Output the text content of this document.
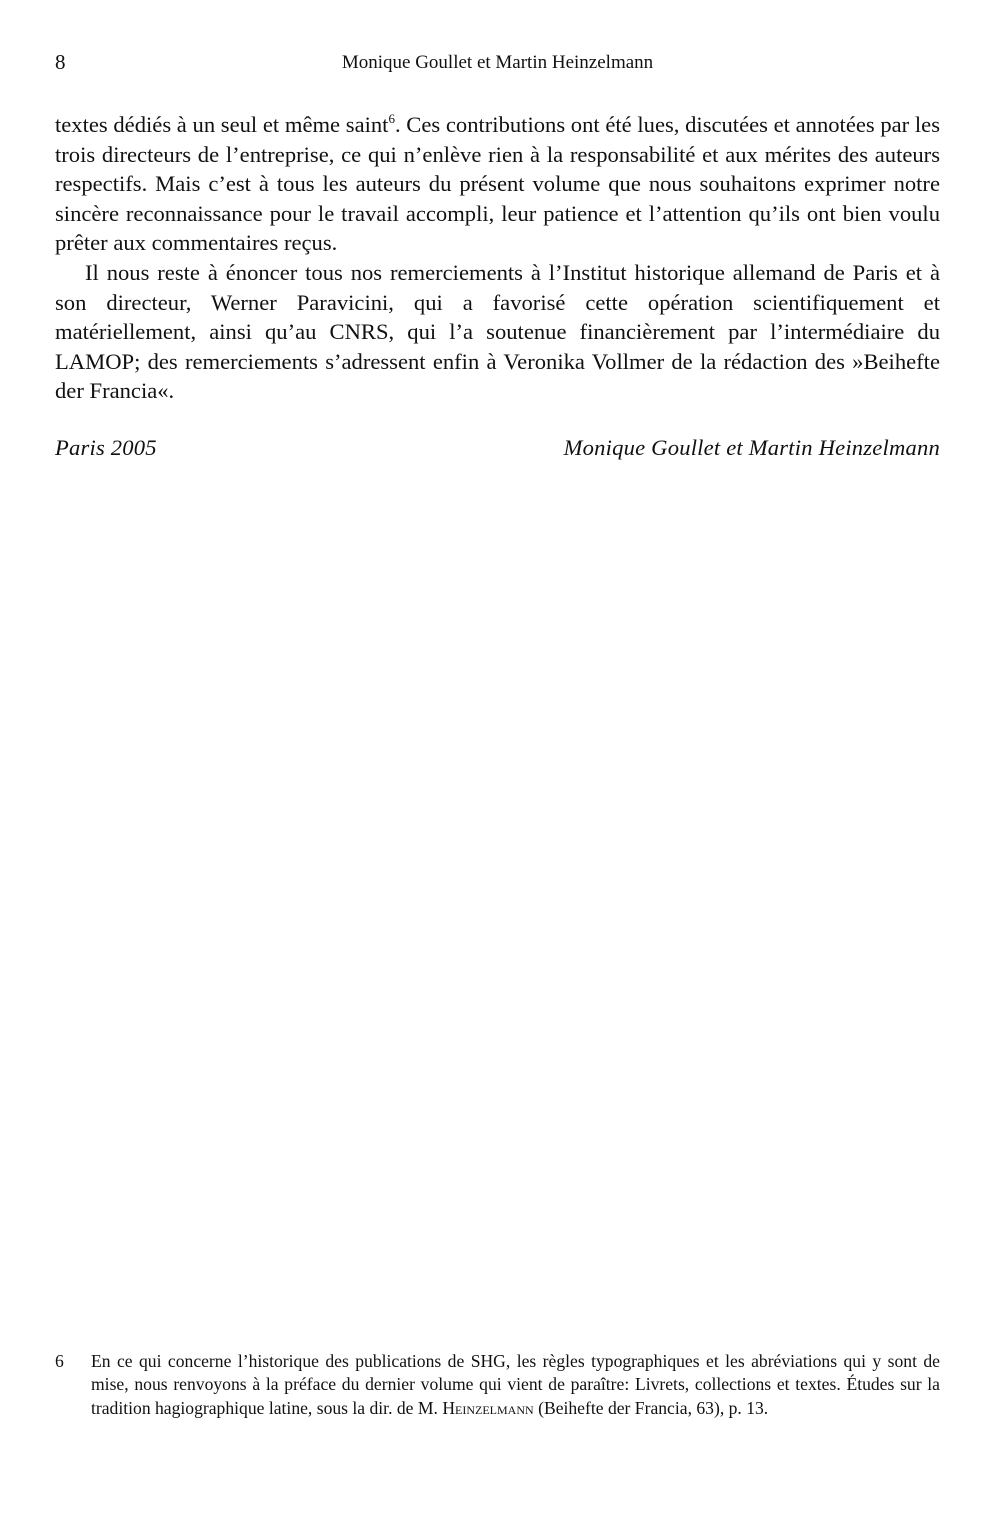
8	Monique Goullet et Martin Heinzelmann

textes dédiés à un seul et même saint$^6$. Ces contributions ont été lues, discutées et annotées par les trois directeurs de l’entreprise, ce qui n’enlève rien à la responsabilité et aux mérites des auteurs respectifs. Mais c’est à tous les auteurs du présent volume que nous souhaitons exprimer notre sincère reconnaissance pour le travail accompli, leur patience et l’attention qu’ils ont bien voulu prêter aux commentaires reçus.

Il nous reste à énoncer tous nos remerciements à l’Institut historique allemand de Paris et à son directeur, Werner Paravicini, qui a favorisé cette opération scientifiquement et matériellement, ainsi qu’au CNRS, qui l’a soutenue financièrement par l’intermédiaire du LAMOP; des remerciements s’adressent enfin à Veronika Vollmer de la rédaction des »Beihefte der Francia«.

Paris 2005	Monique Goullet et Martin Heinzelmann
6	En ce qui concerne l’historique des publications de SHG, les règles typographiques et les abréviations qui y sont de mise, nous renvoyons à la préface du dernier volume qui vient de paraître: Livrets, collections et textes. Études sur la tradition hagiographique latine, sous la dir. de M. Heinzelmann (Beihefte der Francia, 63), p. 13.
